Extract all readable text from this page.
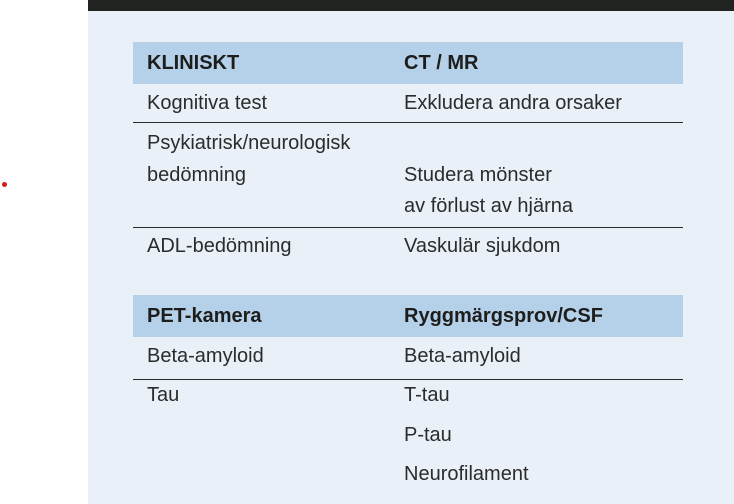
KLINISKT	CT / MR
Kognitiva test	Exkludera andra orsaker
Psykiatrisk/neurologisk
bedömning	Studera mönster
av förlust av hjärna
ADL-bedömning	Vaskulär sjukdom
PET-kamera	Ryggmärgsprov/CSF
Beta-amyloid	Beta-amyloid
Tau	T-tau
P-tau
Neurofilament
